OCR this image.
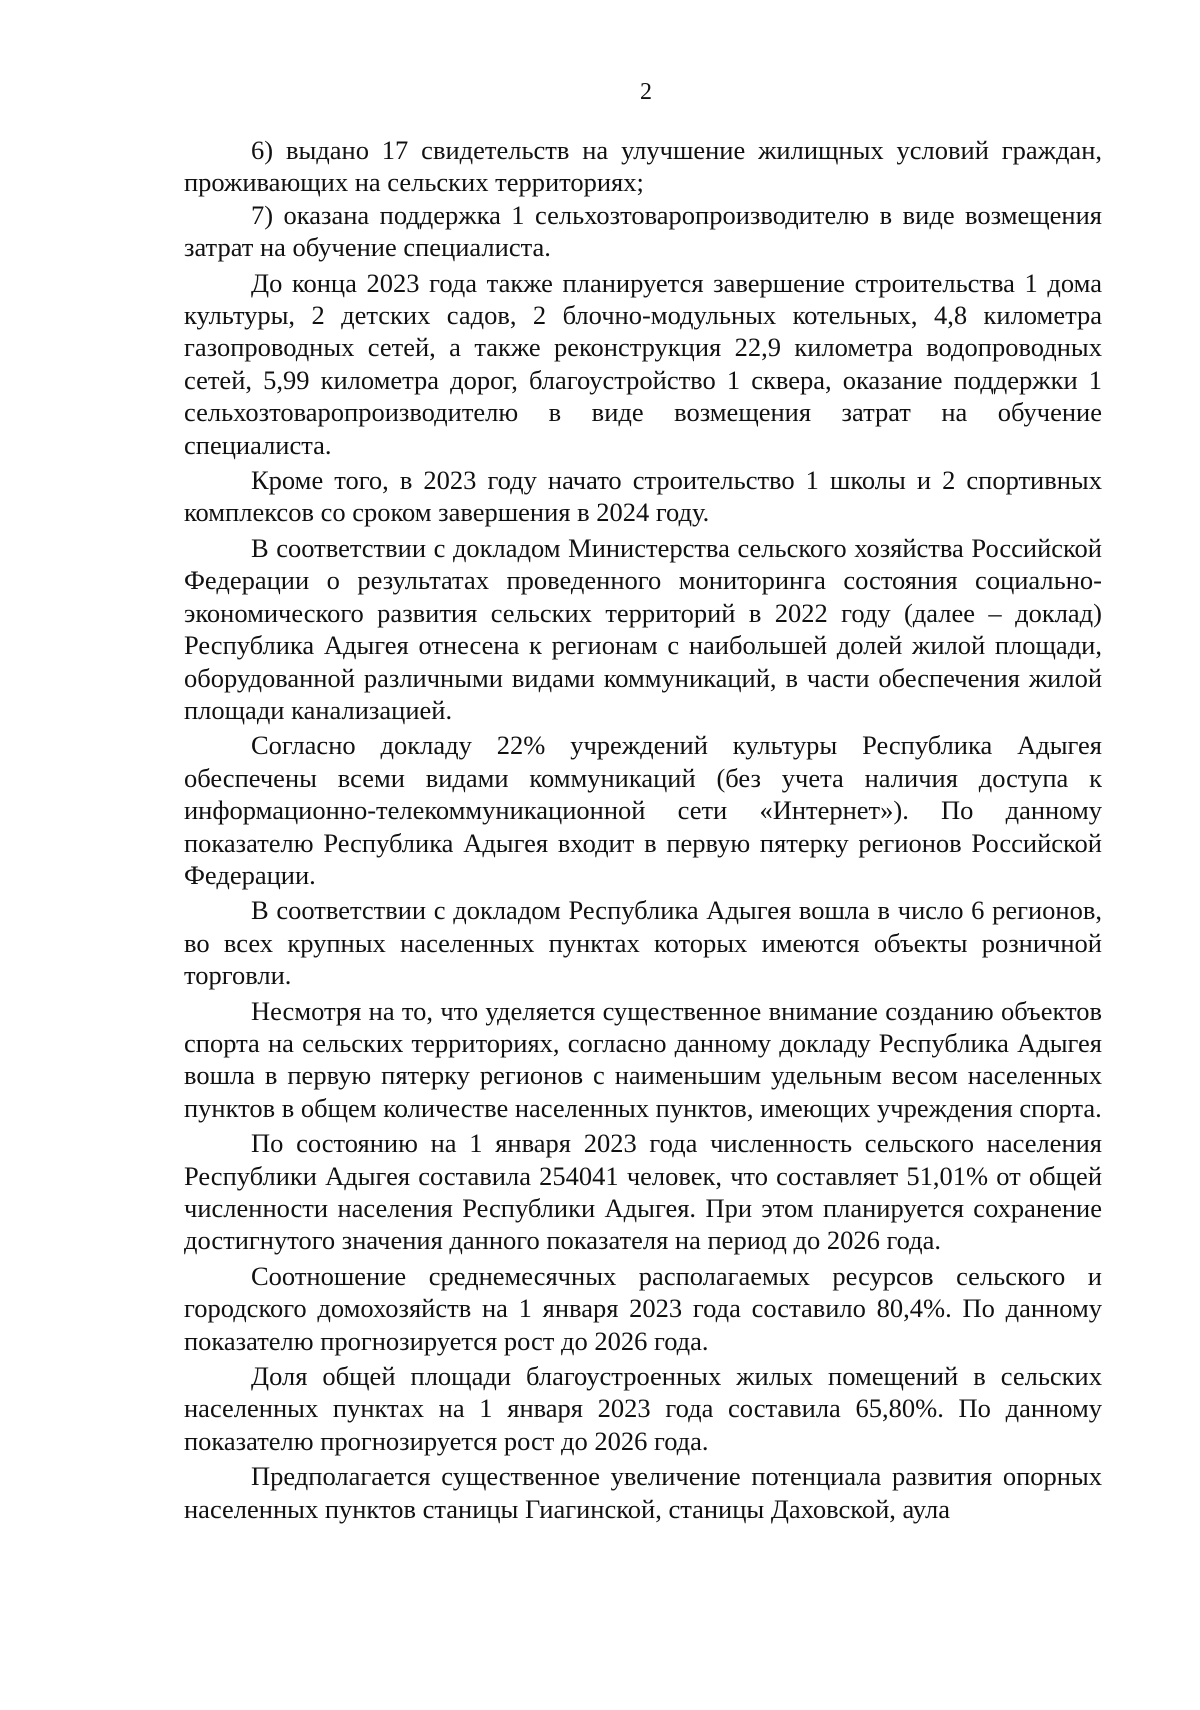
2

6) выдано 17 свидетельств на улучшение жилищных условий граждан, проживающих на сельских территориях;

7) оказана поддержка 1 сельхозтоваропроизводителю в виде возмещения затрат на обучение специалиста.

До конца 2023 года также планируется завершение строительства 1 дома культуры, 2 детских садов, 2 блочно-модульных котельных, 4,8 километра газопроводных сетей, а также реконструкция 22,9 километра водопроводных сетей, 5,99 километра дорог, благоустройство 1 сквера, оказание поддержки 1 сельхозтоваропроизводителю в виде возмещения затрат на обучение специалиста.

Кроме того, в 2023 году начато строительство 1 школы и 2 спортивных комплексов со сроком завершения в 2024 году.

В соответствии с докладом Министерства сельского хозяйства Российской Федерации о результатах проведенного мониторинга состояния социально-экономического развития сельских территорий в 2022 году (далее – доклад) Республика Адыгея отнесена к регионам с наибольшей долей жилой площади, оборудованной различными видами коммуникаций, в части обеспечения жилой площади канализацией.

Согласно докладу 22% учреждений культуры Республика Адыгея обеспечены всеми видами коммуникаций (без учета наличия доступа к информационно-телекоммуникационной сети «Интернет»). По данному показателю Республика Адыгея входит в первую пятерку регионов Российской Федерации.

В соответствии с докладом Республика Адыгея вошла в число 6 регионов, во всех крупных населенных пунктах которых имеются объекты розничной торговли.

Несмотря на то, что уделяется существенное внимание созданию объектов спорта на сельских территориях, согласно данному докладу Республика Адыгея вошла в первую пятерку регионов с наименьшим удельным весом населенных пунктов в общем количестве населенных пунктов, имеющих учреждения спорта.

По состоянию на 1 января 2023 года численность сельского населения Республики Адыгея составила 254041 человек, что составляет 51,01% от общей численности населения Республики Адыгея. При этом планируется сохранение достигнутого значения данного показателя на период до 2026 года.

Соотношение среднемесячных располагаемых ресурсов сельского и городского домохозяйств на 1 января 2023 года составило 80,4%. По данному показателю прогнозируется рост до 2026 года.

Доля общей площади благоустроенных жилых помещений в сельских населенных пунктах на 1 января 2023 года составила 65,80%. По данному показателю прогнозируется рост до 2026 года.

Предполагается существенное увеличение потенциала развития опорных населенных пунктов станицы Гиагинской, станицы Даховской, аула
